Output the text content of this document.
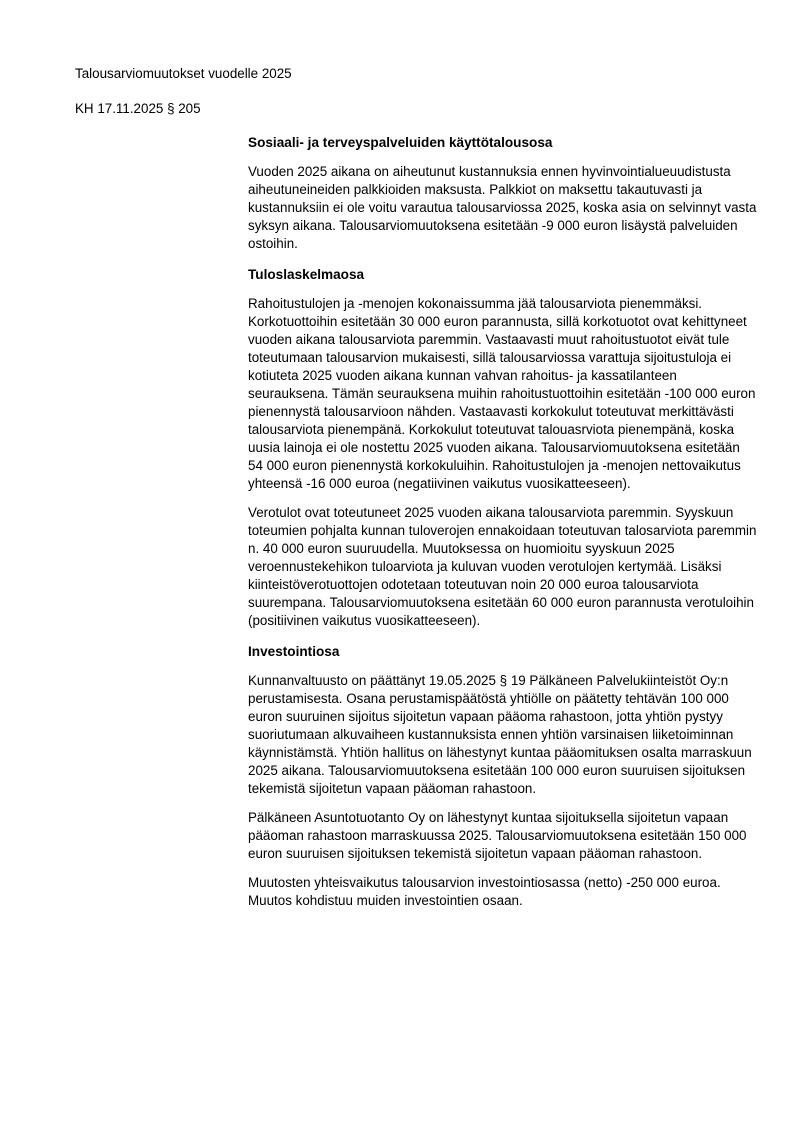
Talousarviomuutokset vuodelle 2025

KH 17.11.2025 § 205

Sosiaali- ja terveyspalveluiden käyttötalousosa

Vuoden 2025 aikana on aiheutunut kustannuksia ennen hyvinvointialueuudistusta aiheutuneineiden palkkioiden maksusta. Palkkiot on maksettu takautuvasti ja kustannuksiin ei ole voitu varautua talousarviossa 2025, koska asia on selvinnyt vasta syksyn aikana. Talousarviomuutoksena esitetään -9 000 euron lisäystä palveluiden ostoihin.

Tuloslaskelmaosa

Rahoitustulojen ja -menojen kokonaissumma jää talousarviota pienemmäksi. Korkotuottoihin esitetään 30 000 euron parannusta, sillä korkotuotot ovat kehittyneet vuoden aikana talousarviota paremmin. Vastaavasti muut rahoitustuotot eivät tule toteutumaan talousarvion mukaisesti, sillä talousarviossa varattuja sijoitustuloja ei kotiuteta 2025 vuoden aikana kunnan vahvan rahoitus- ja kassatilanteen seurauksena. Tämän seurauksena muihin rahoitustuottoihin esitetään -100 000 euron pienennystä talousarvioon nähden. Vastaavasti korkokulut toteutuvat merkittävästi talousarviota pienempänä. Korkokulut toteutuvat talouasrviota pienempänä, koska uusia lainoja ei ole nostettu 2025 vuoden aikana. Talousarviomuutoksena esitetään 54 000 euron pienennystä korkokuluihin. Rahoitustulojen ja -menojen nettovaikutus yhteensä -16 000 euroa (negatiivinen vaikutus vuosikatteeseen).

Verotulot ovat toteutuneet 2025 vuoden aikana talousarviota paremmin. Syyskuun toteumien pohjalta kunnan tuloverojen ennakoidaan toteutuvan talosarviota paremmin n. 40 000 euron suuruudella. Muutoksessa on huomioitu syyskuun 2025 veroennustekehikon tuloarviota ja kuluvan vuoden verotulojen kertymää. Lisäksi kiinteistöverotuottojen odotetaan toteutuvan noin 20 000 euroa talousarviota suurempana. Talousarviomuutoksena esitetään 60 000 euron parannusta verotuloihin (positiivinen vaikutus vuosikatteeseen).

Investointiosa

Kunnanvaltuusto on päättänyt 19.05.2025 § 19 Pälkäneen Palvelukiinteistöt Oy:n perustamisesta. Osana perustamispäätöstä yhtiölle on päätetty tehtävän 100 000 euron suuruinen sijoitus sijoitetun vapaan pääoma rahastoon, jotta yhtiön pystyy suoriutumaan alkuvaiheen kustannuksista ennen yhtiön varsinaisen liiketoiminnan käynnistämstä. Yhtiön hallitus on lähestynyt kuntaa pääomituksen osalta marraskuun 2025 aikana. Talousarviomuutoksena esitetään 100 000 euron suuruisen sijoituksen tekemistä sijoitetun vapaan pääoman rahastoon.

Pälkäneen Asuntotuotanto Oy on lähestynyt kuntaa sijoituksella sijoitetun vapaan pääoman rahastoon marraskuussa 2025. Talousarviomuutoksena esitetään 150 000 euron suuruisen sijoituksen tekemistä sijoitetun vapaan pääoman rahastoon.

Muutosten yhteisvaikutus talousarvion investointiosassa (netto) -250 000 euroa. Muutos kohdistuu muiden investointien osaan.
